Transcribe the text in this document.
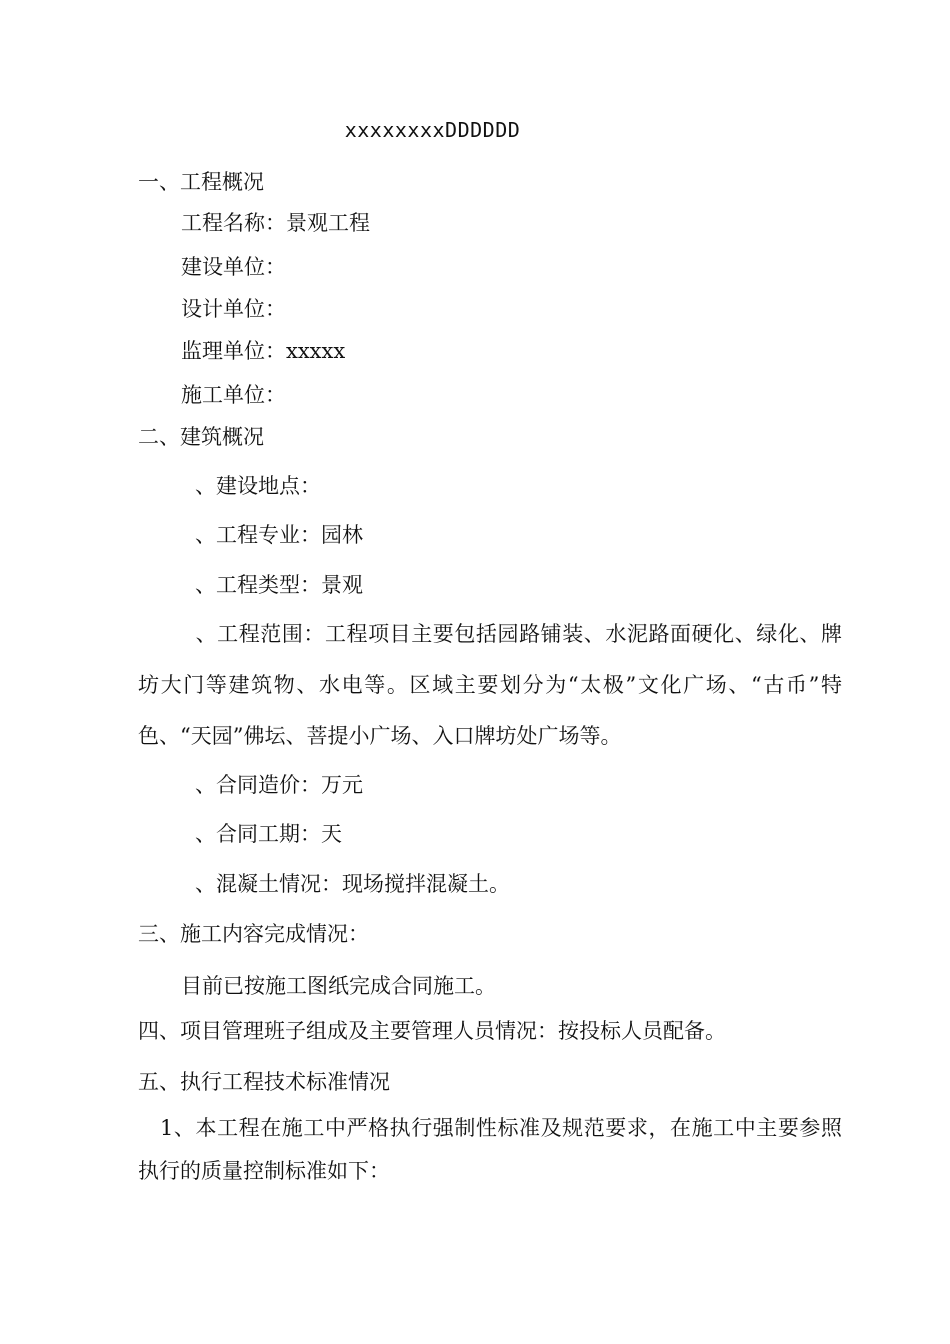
xxxxxxxxDDDDDD
一、工程概况
工程名称：景观工程
建设单位：
设计单位：
监理单位：xxxxx
施工单位：
二、建筑概况
、建设地点：
、工程专业：园林
、工程类型：景观
、工程范围：工程项目主要包括园路铺装、水泥路面硬化、绿化、牌坊大门等建筑物、水电等。区域主要划分为“太极”文化广场、“古币”特色、“天园”佛坛、菩提小广场、入口牌坊处广场等。
、合同造价：万元
、合同工期：天
、混凝土情况：现场搅拌混凝土。
三、施工内容完成情况：
目前已按施工图纸完成合同施工。
四、项目管理班子组成及主要管理人员情况：按投标人员配备。
五、执行工程技术标准情况
1、本工程在施工中严格执行强制性标准及规范要求，在施工中主要参照执行的质量控制标准如下：
